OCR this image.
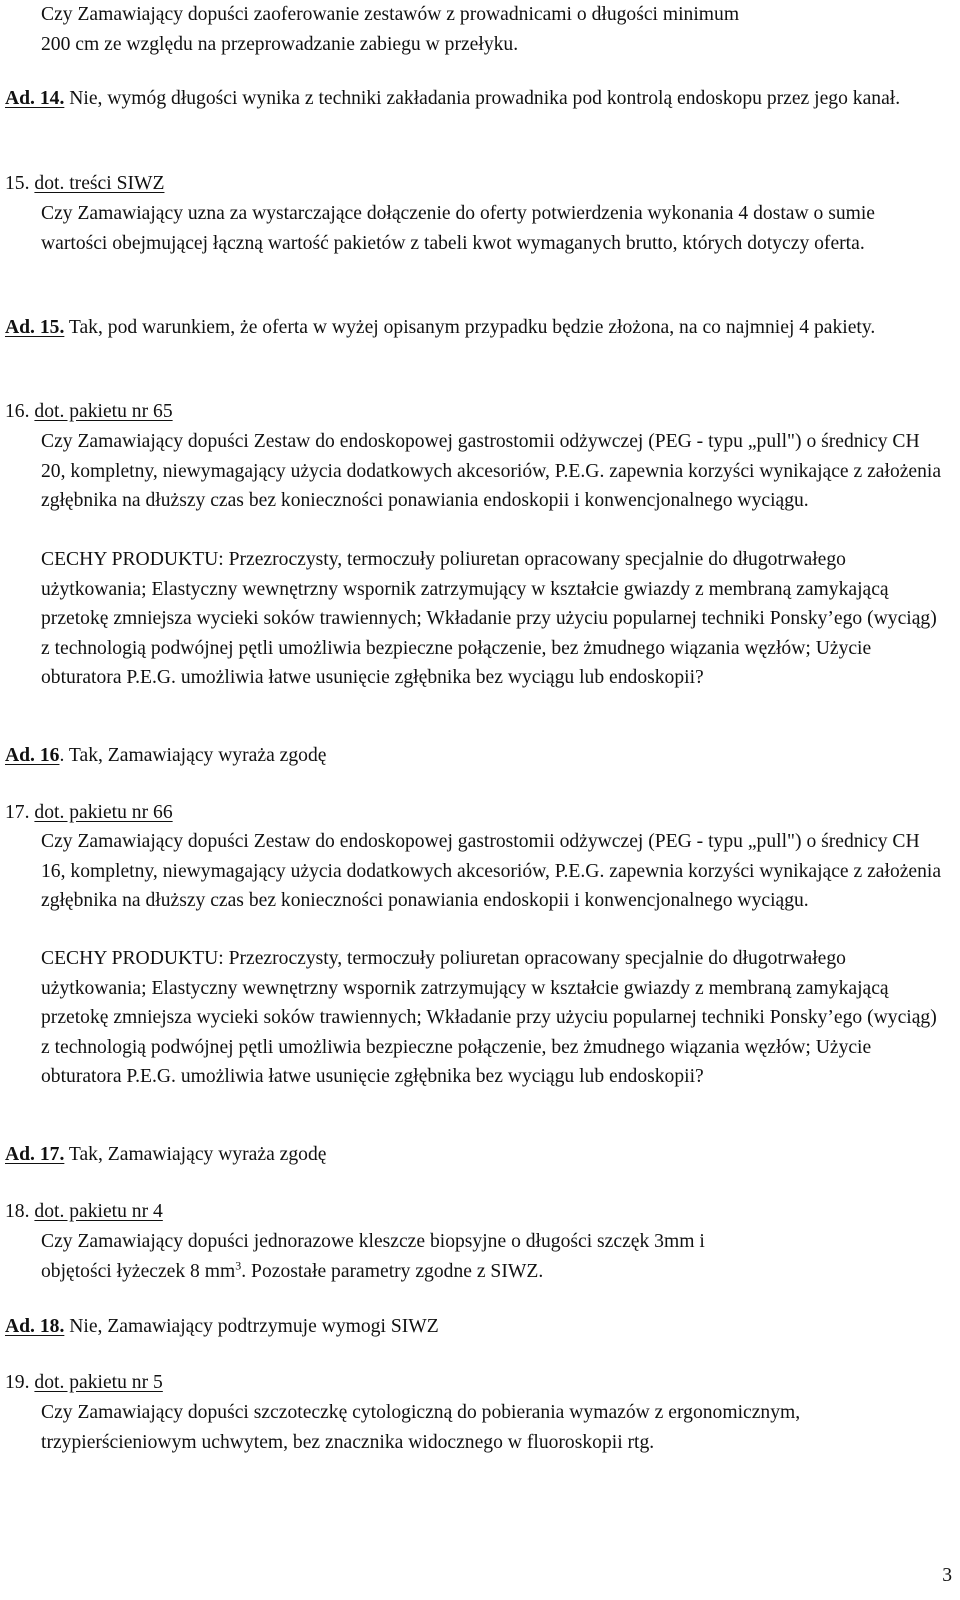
Czy Zamawiający dopuści zaoferowanie zestawów z prowadnicami o długości minimum
200 cm ze względu na przeprowadzanie zabiegu w przełyku.

Ad. 14. Nie, wymóg długości wynika z techniki zakładania prowadnika pod kontrolą endoskopu przez jego kanał.

15. dot. treści SIWZ

Czy Zamawiający uzna za wystarczające dołączenie do oferty potwierdzenia wykonania 4 dostaw o sumie wartości obejmującej łączną wartość pakietów z tabeli kwot wymaganych brutto, których dotyczy oferta.

Ad. 15. Tak, pod warunkiem, że oferta w wyżej opisanym przypadku będzie złożona, na co najmniej 4 pakiety.

16. dot. pakietu nr 65

Czy Zamawiający dopuści Zestaw do endoskopowej gastrostomii odżywczej (PEG - typu „pull") o średnicy CH 20, kompletny, niewymagający użycia dodatkowych akcesoriów, P.E.G. zapewnia korzyści wynikające z założenia zgłębnika na dłuższy czas bez konieczności ponawiania endoskopii i konwencjonalnego wyciągu.

CECHY PRODUKTU: Przezroczysty, termoczuły poliuretan opracowany specjalnie do długotrwałego użytkowania; Elastyczny wewnętrzny wspornik zatrzymujący w kształcie gwiazdy z membraną zamykającą przetokę zmniejsza wycieki soków trawiennych; Wkładanie przy użyciu popularnej techniki Ponsky’ego (wyciąg) z technologią podwójnej pętli umożliwia bezpieczne połączenie, bez żmudnego wiązania węzłów; Użycie obturatora P.E.G. umożliwia łatwe usunięcie zgłębnika bez wyciągu lub endoskopii?

Ad. 16. Tak, Zamawiający wyraża zgodę

17. dot. pakietu nr 66

Czy Zamawiający dopuści Zestaw do endoskopowej gastrostomii odżywczej (PEG - typu „pull") o średnicy CH 16, kompletny, niewymagający użycia dodatkowych akcesoriów, P.E.G. zapewnia korzyści wynikające z założenia zgłębnika na dłuższy czas bez konieczności ponawiania endoskopii i konwencjonalnego wyciągu.

CECHY PRODUKTU: Przezroczysty, termoczuły poliuretan opracowany specjalnie do długotrwałego użytkowania; Elastyczny wewnętrzny wspornik zatrzymujący w kształcie gwiazdy z membraną zamykającą przetokę zmniejsza wycieki soków trawiennych; Wkładanie przy użyciu popularnej techniki Ponsky’ego (wyciąg) z technologią podwójnej pętli umożliwia bezpieczne połączenie, bez żmudnego wiązania węzłów; Użycie obturatora P.E.G. umożliwia łatwe usunięcie zgłębnika bez wyciągu lub endoskopii?

Ad. 17. Tak, Zamawiający wyraża zgodę

18. dot. pakietu nr 4

Czy Zamawiający dopuści jednorazowe kleszcze biopsyjne o długości szczęk 3mm i
objętości łyżeczek 8 $mm^3$. Pozostałe parametry zgodne z SIWZ.

Ad. 18. Nie, Zamawiający podtrzymuje wymogi SIWZ

19. dot. pakietu nr 5

Czy Zamawiający dopuści szczoteczkę cytologiczną do pobierania wymazów z ergonomicznym, trzypierścieniowym uchwytem, bez znacznika widocznego w fluoroskopii rtg.

3
